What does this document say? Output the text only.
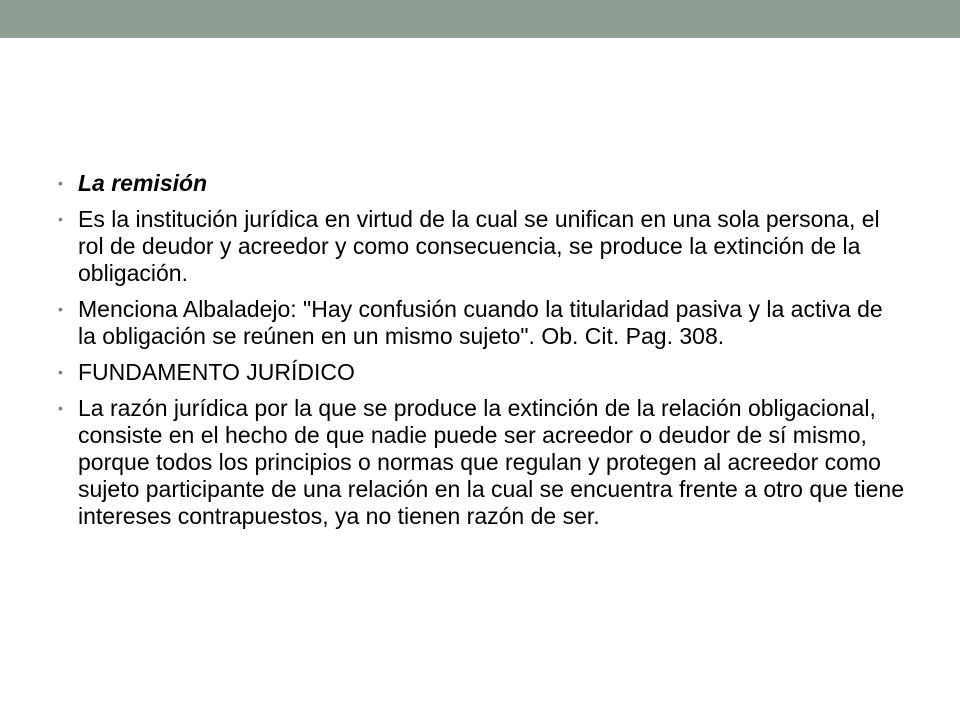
• La remisión
• Es la institución jurídica en virtud de la cual se unifican en una sola persona, el rol de deudor y acreedor y como consecuencia, se produce la extinción de la obligación.
• Menciona Albaladejo: "Hay confusión cuando la titularidad pasiva y la activa de la obligación se reúnen en un mismo sujeto". Ob. Cit. Pag. 308.
• FUNDAMENTO JURÍDICO
• La razón jurídica por la que se produce la extinción de la relación obligacional, consiste en el hecho de que nadie puede ser acreedor o deudor de sí mismo, porque todos los principios o normas que regulan y protegen al acreedor como sujeto participante de una relación en la cual se encuentra frente a otro que tiene intereses contrapuestos, ya no tienen razón de ser.
